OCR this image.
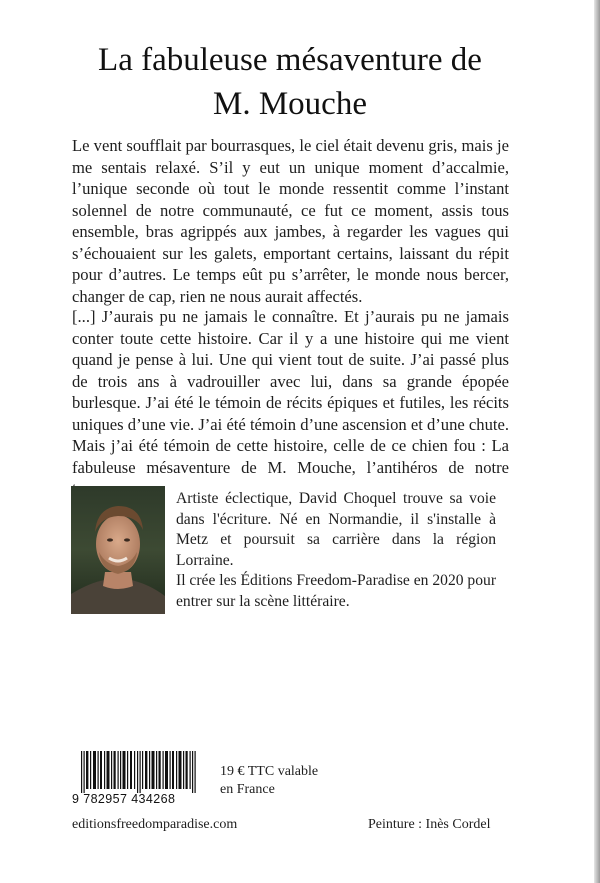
La fabuleuse mésaventure de
M. Mouche

Le vent soufflait par bourrasques, le ciel était devenu gris, mais je me sentais relaxé. S’il y eut un unique moment d’accalmie, l’unique seconde où tout le monde ressentit comme l’instant solennel de notre communauté, ce fut ce moment, assis tous ensemble, bras agrippés aux jambes, à regarder les vagues qui s’échouaient sur les galets, emportant certains, laissant du répit pour d’autres. Le temps eût pu s’arrêter, le monde nous bercer, changer de cap, rien ne nous aurait affectés.

[...] J’aurais pu ne jamais le connaître. Et j’aurais pu ne jamais conter toute cette histoire. Car il y a une histoire qui me vient quand je pense à lui. Une qui vient tout de suite. J’ai passé plus de trois ans à vadrouiller avec lui, dans sa grande épopée burlesque. J’ai été le témoin de récits épiques et futiles, les récits uniques d’une vie. J’ai été témoin d’une ascension et d’une chute. Mais j’ai été témoin de cette histoire, celle de ce chien fou : La fabuleuse mésaventure de M. Mouche, l’antihéros de notre

Artiste éclectique, David Choquel trouve sa voie dans l'écriture. Né en Normandie, il s'installe à Metz et poursuit sa carrière dans la région Lorraine.

Il crée les Éditions Freedom-Paradise en 2020 pour entrer sur la scène littéraire.

9 782957 434268

19 € TTC valable
en France

editionsfreedomparadise.com	Peinture : Inès Cordel
